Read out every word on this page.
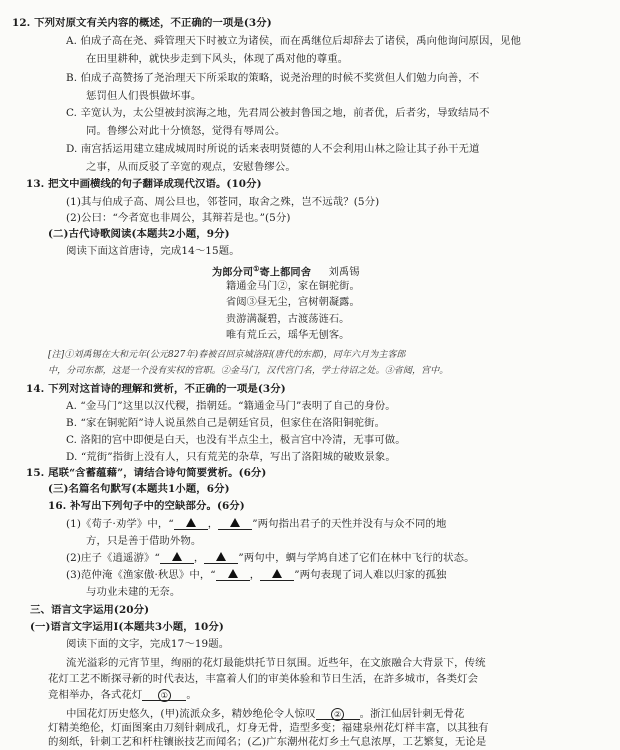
12. 下列对原文有关内容的概述，不正确的一项是(3分)
A. 伯成子高在尧、舜管理天下时被立为诸侯，而在禹继位后却辞去了诸侯，禹向他询问原因，见他
在田里耕种，就快步走到下风头，体现了禹对他的尊重。
B. 伯成子高赞扬了尧治理天下所采取的策略，说尧治理的时候不奖赏但人们勉力向善，不
惩罚但人们畏惧做坏事。
C. 辛宽认为，太公望被封滨海之地，先君周公被封鲁国之地，前者优，后者劣，导致结局不
同。鲁缪公对此十分愤怒，觉得有辱周公。
D. 南宫括运用建立建成城周时所说的话来表明贤德的人不会利用山林之险让其子孙干无道
之事，从而反驳了辛宽的观点，安慰鲁缪公。
13. 把文中画横线的句子翻译成现代汉语。(10分)
(1)其与伯成子高、周公旦也，邻苍同，取舍之殊，岂不远哉？(5分)
(2)公曰：“今者宽也非周公，其辩若是也。”(5分)
(二)古代诗歌阅读(本题共2小题，9分)
阅读下面这首唐诗，完成14～15题。
为郎分司①寄上都同舍 刘禹锡
籍通金马门②，家在铜驼街。
省闼③昼无尘，宫树朝凝露。
贵游满凝碧，古渡荡涟石。
唯有荒丘云，瑶华无刨客。
[注]①刘禹锡在大和元年(公元827年)春被召回京城洛阳(唐代的东都)，同年六月为主客郎
中，分司东都，这是一个没有实权的官职。②金马门，汉代宫门名，学士待诏之处。③省闼，宫中。
14. 下列对这首诗的理解和赏析，不正确的一项是(3分)
A. “金马门”这里以汉代稷，指朝廷。“籍通金马门”表明了自己的身份。
B. “家在铜驼陌”诗人说虽然自己是朝廷官员，但家住在洛阳铜驼街。
C. 洛阳的宫中即便是白天，也没有半点尘土，极言宫中冷清，无事可做。
D. “荒街”指街上没有人，只有荒芜的杂草，写出了洛阳城的破败景象。
15. 尾联“含蓄蕴藉”，请结合诗句简要赏析。(6分)
(三)名篇名句默写(本题共1小题，6分)
16. 补写出下列句子中的空缺部分。(6分)
(1)《荀子·劝学》中，“	，	”两句指出君子的天性并没有与众不同的地
方，只是善于借助外物。
(2)庄子《逍遥游》“	，	”两句中，蜩与学鸠自述了它们在林中飞行的状态。
(3)范仲淹《渔家傲·秋思》中，“	，	”两句表现了词人难以归家的孤独
与功业未建的无奈。
三、语言文字运用(20分)
(一)语言文字运用Ⅰ(本题共3小题，10分)
阅读下面的文字，完成17～19题。
流光溢彩的元宵节里，绚丽的花灯最能烘托节日氛围。近些年，在文旅融合大背景下，传统
花灯工艺不断探寻新的时代表达，丰富着人们的审美体验和节日生活，在許多城市，各类灯会
竞相举办，各式花灯 ① 。
中国花灯历史悠久，(甲)流派众多，精妙绝伦令人惊叹 ② 。浙江仙居针刺无骨花
灯精美绝伦，灯面图案由刀刻针刺成孔，灯身无骨，造型多变；福建泉州花灯样丰富，以其独有
的刻纸，针刺工艺和杆柱镶嵌技艺而闻名；(乙)广东潮州花灯乡土气息浓厚，工艺繁复，无论是
